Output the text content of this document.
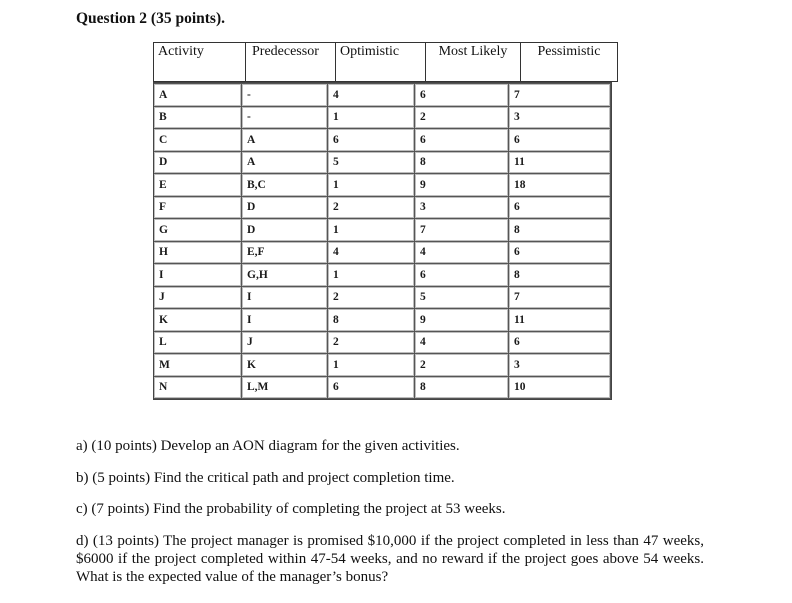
Question 2 (35 points).
Activity	Predecessor	Optimistic	Most Likely	Pessimistic
A	-	4	6	7
B	-	1	2	3
C	A	6	6	6
D	A	5	8	11
E	B,C	1	9	18
F	D	2	3	6
G	D	1	7	8
H	E,F	4	4	6
I	G,H	1	6	8
J	I	2	5	7
K	I	8	9	11
L	J	2	4	6
M	K	1	2	3
N	L,M	6	8	10
a) (10 points) Develop an AON diagram for the given activities.
b) (5 points) Find the critical path and project completion time.
c) (7 points) Find the probability of completing the project at 53 weeks.
d) (13 points) The project manager is promised $10,000 if the project completed in less than 47 weeks, $6000 if the project completed within 47-54 weeks, and no reward if the project goes above 54 weeks. What is the expected value of the manager’s bonus?
